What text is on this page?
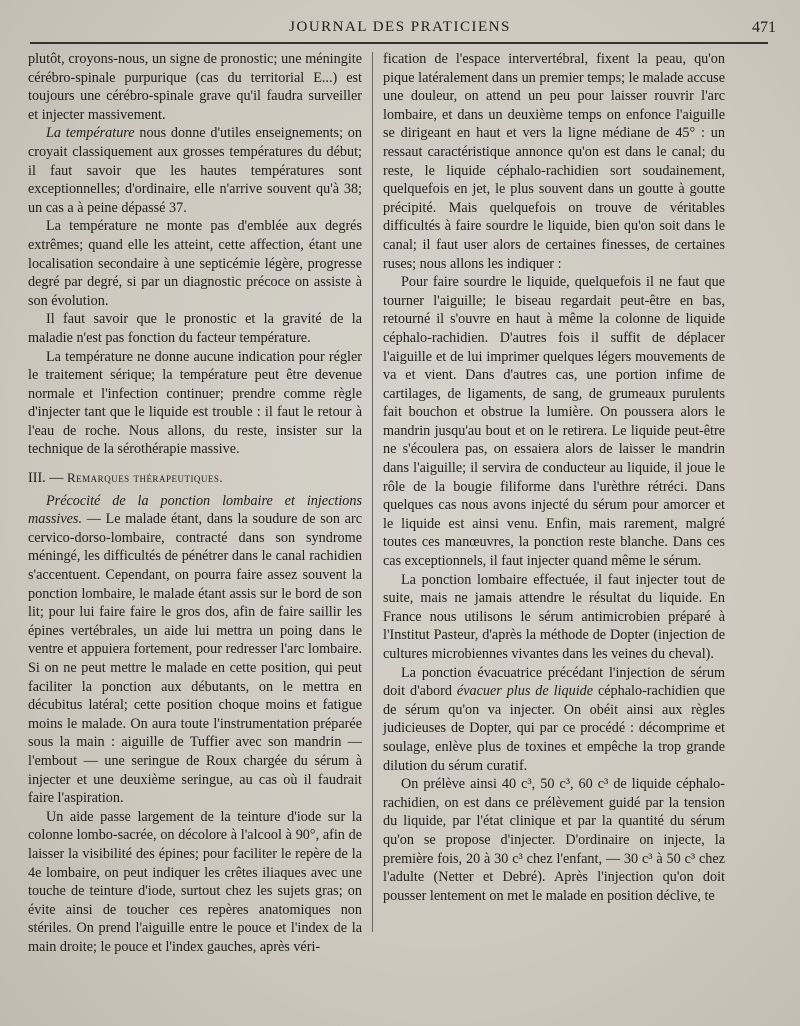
JOURNAL DES PRATICIENS	471

plutôt, croyons-nous, un signe de pronostic; une méningite cérébro-spinale purpurique (cas du territorial E...) est toujours une cérébro-spinale grave qu'il faudra surveiller et injecter massivement.

La température nous donne d'utiles enseignements; on croyait classiquement aux grosses températures du début; il faut savoir que les hautes températures sont exceptionnelles; d'ordinaire, elle n'arrive souvent qu'à 38; un cas a à peine dépassé 37.

La température ne monte pas d'emblée aux degrés extrêmes; quand elle les atteint, cette affection, étant une localisation secondaire à une septicémie légère, progresse degré par degré, si par un diagnostic précoce on assiste à son évolution.

Il faut savoir que le pronostic et la gravité de la maladie n'est pas fonction du facteur température.

La température ne donne aucune indication pour régler le traitement sérique; la température peut être devenue normale et l'infection continuer; prendre comme règle d'injecter tant que le liquide est trouble : il faut le retour à l'eau de roche. Nous allons, du reste, insister sur la technique de la sérothérapie massive.

III. — Remarques thérapeutiques.

Précocité de la ponction lombaire et injections massives. — Le malade étant, dans la soudure de son arc cervico-dorso-lombaire, contracté dans son syndrome méningé, les difficultés de pénétrer dans le canal rachidien s'accentuent. Cependant, on pourra faire assez souvent la ponction lombaire, le malade étant assis sur le bord de son lit; pour lui faire faire le gros dos, afin de faire saillir les épines vertébrales, un aide lui mettra un poing dans le ventre et appuiera fortement, pour redresser l'arc lombaire. Si on ne peut mettre le malade en cette position, qui peut faciliter la ponction aux débutants, on le mettra en décubitus latéral; cette position choque moins et fatigue moins le malade. On aura toute l'instrumentation préparée sous la main : aiguille de Tuffier avec son mandrin — l'embout — une seringue de Roux chargée du sérum à injecter et une deuxième seringue, au cas où il faudrait faire l'aspiration.

Un aide passe largement de la teinture d'iode sur la colonne lombo-sacrée, on décolore à l'alcool à 90°, afin de laisser la visibilité des épines; pour faciliter le repère de la 4e lombaire, on peut indiquer les crêtes iliaques avec une touche de teinture d'iode, surtout chez les sujets gras; on évite ainsi de toucher ces repères anatomiques non stériles. On prend l'aiguille entre le pouce et l'index de la main droite; le pouce et l'index gauches, après véri-

fication de l'espace intervertébral, fixent la peau, qu'on pique latéralement dans un premier temps; le malade accuse une douleur, on attend un peu pour laisser rouvrir l'arc lombaire, et dans un deuxième temps on enfonce l'aiguille se dirigeant en haut et vers la ligne médiane de 45° : un ressaut caractéristique annonce qu'on est dans le canal; du reste, le liquide céphalo-rachidien sort soudainement, quelquefois en jet, le plus souvent dans un goutte à goutte précipité. Mais quelquefois on trouve de véritables difficultés à faire sourdre le liquide, bien qu'on soit dans le canal; il faut user alors de certaines finesses, de certaines ruses; nous allons les indiquer :

Pour faire sourdre le liquide, quelquefois il ne faut que tourner l'aiguille; le biseau regardait peut-être en bas, retourné il s'ouvre en haut à même la colonne de liquide céphalo-rachidien. D'autres fois il suffit de déplacer l'aiguille et de lui imprimer quelques légers mouvements de va et vient. Dans d'autres cas, une portion infime de cartilages, de ligaments, de sang, de grumeaux purulents fait bouchon et obstrue la lumière. On poussera alors le mandrin jusqu'au bout et on le retirera. Le liquide peut-être ne s'écoulera pas, on essaiera alors de laisser le mandrin dans l'aiguille; il servira de conducteur au liquide, il joue le rôle de la bougie filiforme dans l'urèthre rétréci. Dans quelques cas nous avons injecté du sérum pour amorcer et le liquide est ainsi venu. Enfin, mais rarement, malgré toutes ces manœuvres, la ponction reste blanche. Dans ces cas exceptionnels, il faut injecter quand même le sérum.

La ponction lombaire effectuée, il faut injecter tout de suite, mais ne jamais attendre le résultat du liquide. En France nous utilisons le sérum antimicrobien préparé à l'Institut Pasteur, d'après la méthode de Dopter (injection de cultures microbiennes vivantes dans les veines du cheval).

La ponction évacuatrice précédant l'injection de sérum doit d'abord évacuer plus de liquide céphalo-rachidien que de sérum qu'on va injecter. On obéit ainsi aux règles judicieuses de Dopter, qui par ce procédé : décomprime et soulage, enlève plus de toxines et empêche la trop grande dilution du sérum curatif.

On prélève ainsi 40 c³, 50 c³, 60 c³ de liquide céphalo-rachidien, on est dans ce prélèvement guidé par la tension du liquide, par l'état clinique et par la quantité du sérum qu'on se propose d'injecter. D'ordinaire on injecte, la première fois, 20 à 30 c³ chez l'enfant, — 30 c³ à 50 c³ chez l'adulte (Netter et Debré). Après l'injection qu'on doit pousser lentement on met le malade en position déclive, te
